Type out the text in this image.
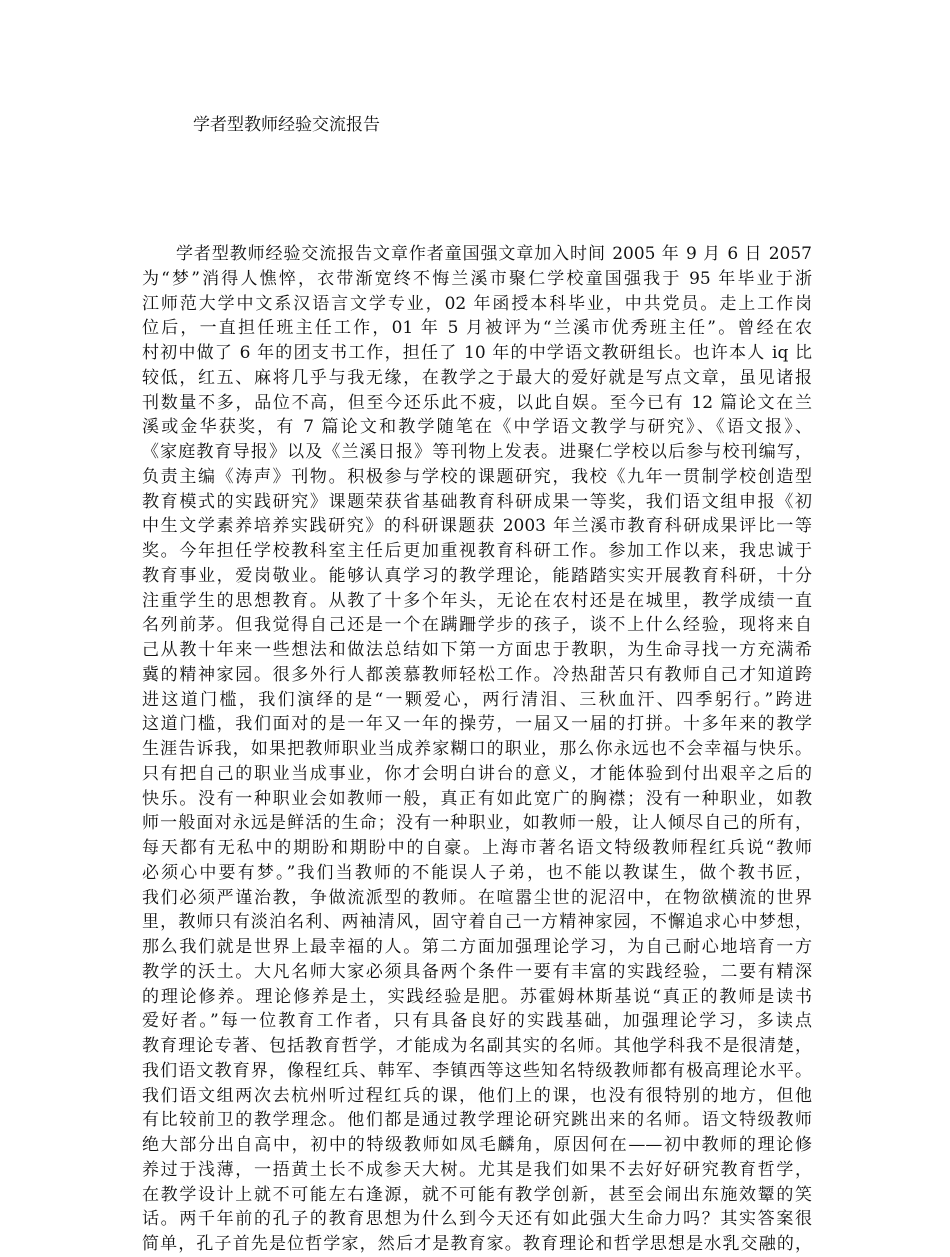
学者型教师经验交流报告
学者型教师经验交流报告文章作者童国强文章加入时间 2005 年 9 月 6 日 2057
为“梦”消得人憔悴，衣带渐宽终不悔兰溪市聚仁学校童国强我于 95 年毕业于浙
江师范大学中文系汉语言文学专业，02 年函授本科毕业，中共党员。走上工作岗
位后，一直担任班主任工作，01 年 5 月被评为“兰溪市优秀班主任”。曾经在农
村初中做了 6 年的团支书工作，担任了 10 年的中学语文教研组长。也许本人 iq 比
较低，红五、麻将几乎与我无缘，在教学之于最大的爱好就是写点文章，虽见诸报
刊数量不多，品位不高，但至今还乐此不疲，以此自娱。至今已有 12 篇论文在兰
溪或金华获奖，有 7 篇论文和教学随笔在《中学语文教学与研究》、《语文报》、
《家庭教育导报》以及《兰溪日报》等刊物上发表。进聚仁学校以后参与校刊编写，
负责主编《涛声》刊物。积极参与学校的课题研究，我校《九年一贯制学校创造型
教育模式的实践研究》课题荣获省基础教育科研成果一等奖，我们语文组申报《初
中生文学素养培养实践研究》的科研课题获 2003 年兰溪市教育科研成果评比一等
奖。今年担任学校教科室主任后更加重视教育科研工作。参加工作以来，我忠诚于
教育事业，爱岗敬业。能够认真学习的教学理论，能踏踏实实开展教育科研，十分
注重学生的思想教育。从教了十多个年头，无论在农村还是在城里，教学成绩一直
名列前茅。但我觉得自己还是一个在蹒跚学步的孩子，谈不上什么经验，现将来自
己从教十年来一些想法和做法总结如下第一方面忠于教职，为生命寻找一方充满希
冀的精神家园。很多外行人都羡慕教师轻松工作。冷热甜苦只有教师自己才知道跨
进这道门槛，我们演绎的是“一颗爱心，两行清泪、三秋血汗、四季躬行。”跨进
这道门槛，我们面对的是一年又一年的操劳，一届又一届的打拼。十多年来的教学
生涯告诉我，如果把教师职业当成养家糊口的职业，那么你永远也不会幸福与快乐。
只有把自己的职业当成事业，你才会明白讲台的意义，才能体验到付出艰辛之后的
快乐。没有一种职业会如教师一般，真正有如此宽广的胸襟；没有一种职业，如教
师一般面对永远是鲜活的生命；没有一种职业，如教师一般，让人倾尽自己的所有，
每天都有无私中的期盼和期盼中的自豪。上海市著名语文特级教师程红兵说“教师
必须心中要有梦。”我们当教师的不能误人子弟，也不能以教谋生，做个教书匠，
我们必须严谨治教，争做流派型的教师。在喧嚣尘世的泥沼中，在物欲横流的世界
里，教师只有淡泊名利、两袖清风，固守着自己一方精神家园，不懈追求心中梦想，
那么我们就是世界上最幸福的人。第二方面加强理论学习，为自己耐心地培育一方
教学的沃土。大凡名师大家必须具备两个条件一要有丰富的实践经验，二要有精深
的理论修养。理论修养是土，实践经验是肥。苏霍姆林斯基说“真正的教师是读书
爱好者。”每一位教育工作者，只有具备良好的实践基础，加强理论学习，多读点
教育理论专著、包括教育哲学，才能成为名副其实的名师。其他学科我不是很清楚，
我们语文教育界，像程红兵、韩军、李镇西等这些知名特级教师都有极高理论水平。
我们语文组两次去杭州听过程红兵的课，他们上的课，也没有很特别的地方，但他
有比较前卫的教学理念。他们都是通过教学理论研究跳出来的名师。语文特级教师
绝大部分出自高中，初中的特级教师如凤毛麟角，原因何在——初中教师的理论修
养过于浅薄，一捂黄土长不成参天大树。尤其是我们如果不去好好研究教育哲学，
在教学设计上就不可能左右逢源，就不可能有教学创新，甚至会闹出东施效颦的笑
话。两千年前的孔子的教育思想为什么到今天还有如此强大生命力吗？其实答案很
简单，孔子首先是位哲学家，然后才是教育家。教育理论和哲学思想是水乳交融的，
